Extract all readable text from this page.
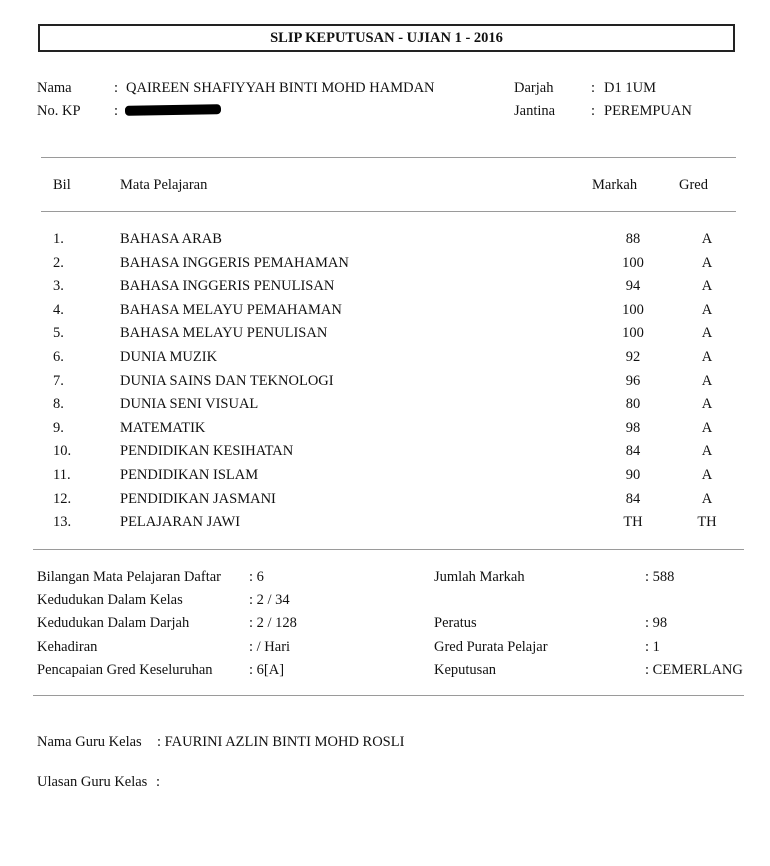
SLIP KEPUTUSAN - UJIAN 1 - 2016
Nama	: QAIREEN SHAFIYYAH BINTI MOHD HAMDAN
No. KP :
Darjah	: D1 1UM
Jantina : PEREMPUAN
Bil	Mata Pelajaran	Markah	Gred
1.	BAHASA ARAB	88	A
2.	BAHASA INGGERIS PEMAHAMAN	100	A
3.	BAHASA INGGERIS PENULISAN	94	A
4.	BAHASA MELAYU PEMAHAMAN	100	A
5.	BAHASA MELAYU PENULISAN	100	A
6.	DUNIA MUZIK	92	A
7.	DUNIA SAINS DAN TEKNOLOGI	96	A
8.	DUNIA SENI VISUAL	80	A
9.	MATEMATIK	98	A
10.	PENDIDIKAN KESIHATAN	84	A
11.	PENDIDIKAN ISLAM	90	A
12.	PENDIDIKAN JASMANI	84	A
13.	PELAJARAN JAWI	TH	TH
Bilangan Mata Pelajaran Daftar : 6
Kedudukan Dalam Kelas	: 2 / 34
Kedudukan Dalam Darjah	: 2 / 128
Kehadiran	: / Hari
Pencapaian Gred Keseluruhan	: 6[A]
Jumlah Markah	: 588
Peratus	: 98
Gred Purata Pelajar	: 1
Keputusan	: CEMERLANG
Nama Guru Kelas : FAURINI AZLIN BINTI MOHD ROSLI
Ulasan Guru Kelas :
